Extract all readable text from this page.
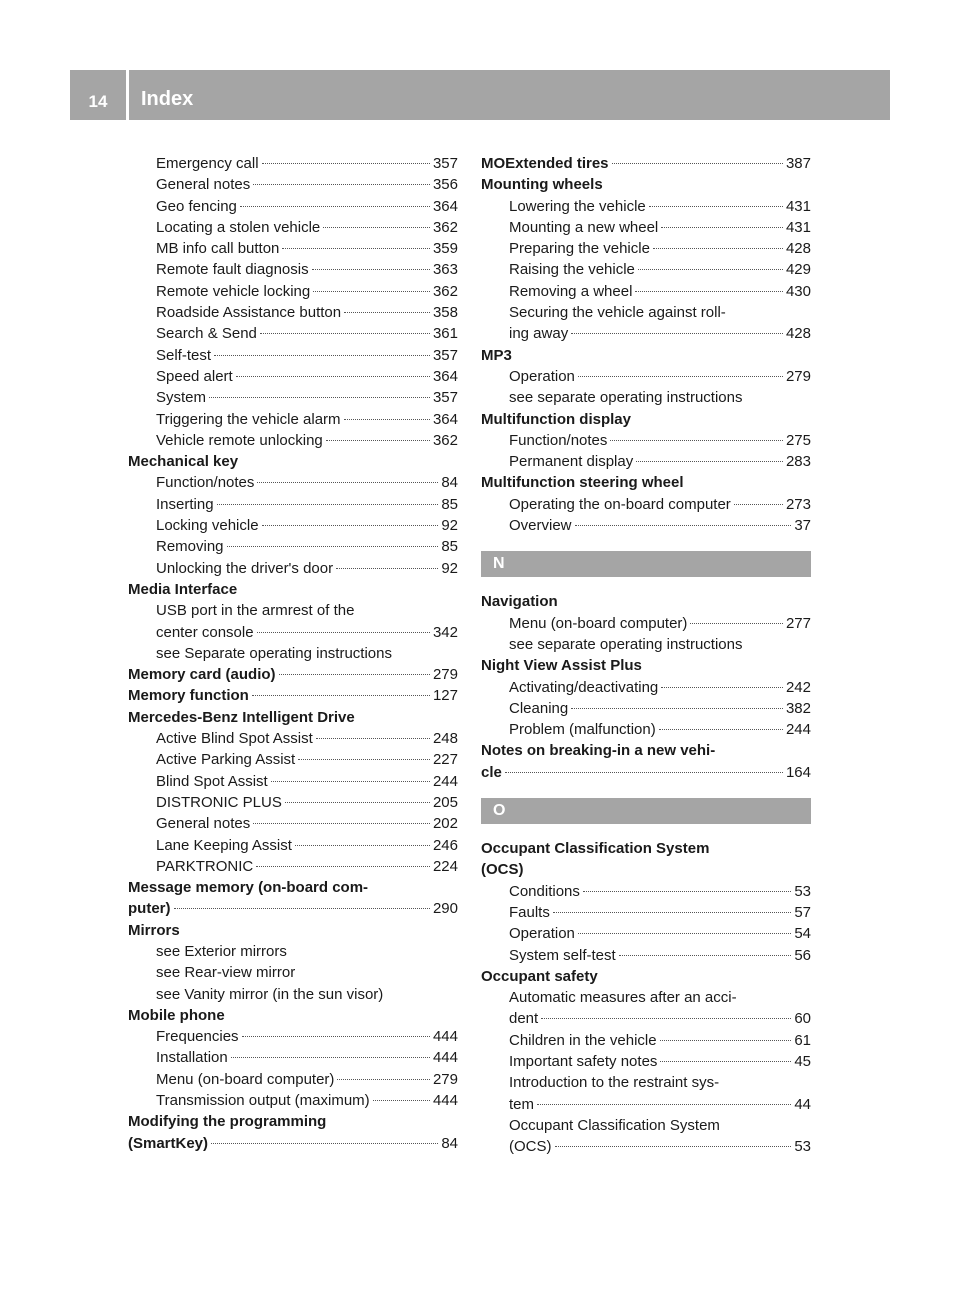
14	Index
Emergency call	357
General notes	356
Geo fencing	364
Locating a stolen vehicle	362
MB info call button	359
Remote fault diagnosis	363
Remote vehicle locking	362
Roadside Assistance button	358
Search & Send	361
Self-test	357
Speed alert	364
System	357
Triggering the vehicle alarm	364
Vehicle remote unlocking	362
Mechanical key
Function/notes	84
Inserting	85
Locking vehicle	92
Removing	85
Unlocking the driver's door	92
Media Interface
USB port in the armrest of the
center console	342
see Separate operating instructions
Memory card (audio)	279
Memory function	127
Mercedes-Benz Intelligent Drive
Active Blind Spot Assist	248
Active Parking Assist	227
Blind Spot Assist	244
DISTRONIC PLUS	205
General notes	202
Lane Keeping Assist	246
PARKTRONIC	224
Message memory (on-board com-
puter)	290
Mirrors
see Exterior mirrors
see Rear-view mirror
see Vanity mirror (in the sun visor)
Mobile phone
Frequencies	444
Installation	444
Menu (on-board computer)	279
Transmission output (maximum)	444
Modifying the programming
(SmartKey)	84
MOExtended tires	387
Mounting wheels
Lowering the vehicle	431
Mounting a new wheel	431
Preparing the vehicle	428
Raising the vehicle	429
Removing a wheel	430
Securing the vehicle against roll-
ing away	428
MP3
Operation	279
see separate operating instructions
Multifunction display
Function/notes	275
Permanent display	283
Multifunction steering wheel
Operating the on-board computer	273
Overview	37
N
Navigation
Menu (on-board computer)	277
see separate operating instructions
Night View Assist Plus
Activating/deactivating	242
Cleaning	382
Problem (malfunction)	244
Notes on breaking-in a new vehi-
cle	164
O
Occupant Classification System
(OCS)
Conditions	53
Faults	57
Operation	54
System self-test	56
Occupant safety
Automatic measures after an acci-
dent	60
Children in the vehicle	61
Important safety notes	45
Introduction to the restraint sys-
tem	44
Occupant Classification System
(OCS)	53
